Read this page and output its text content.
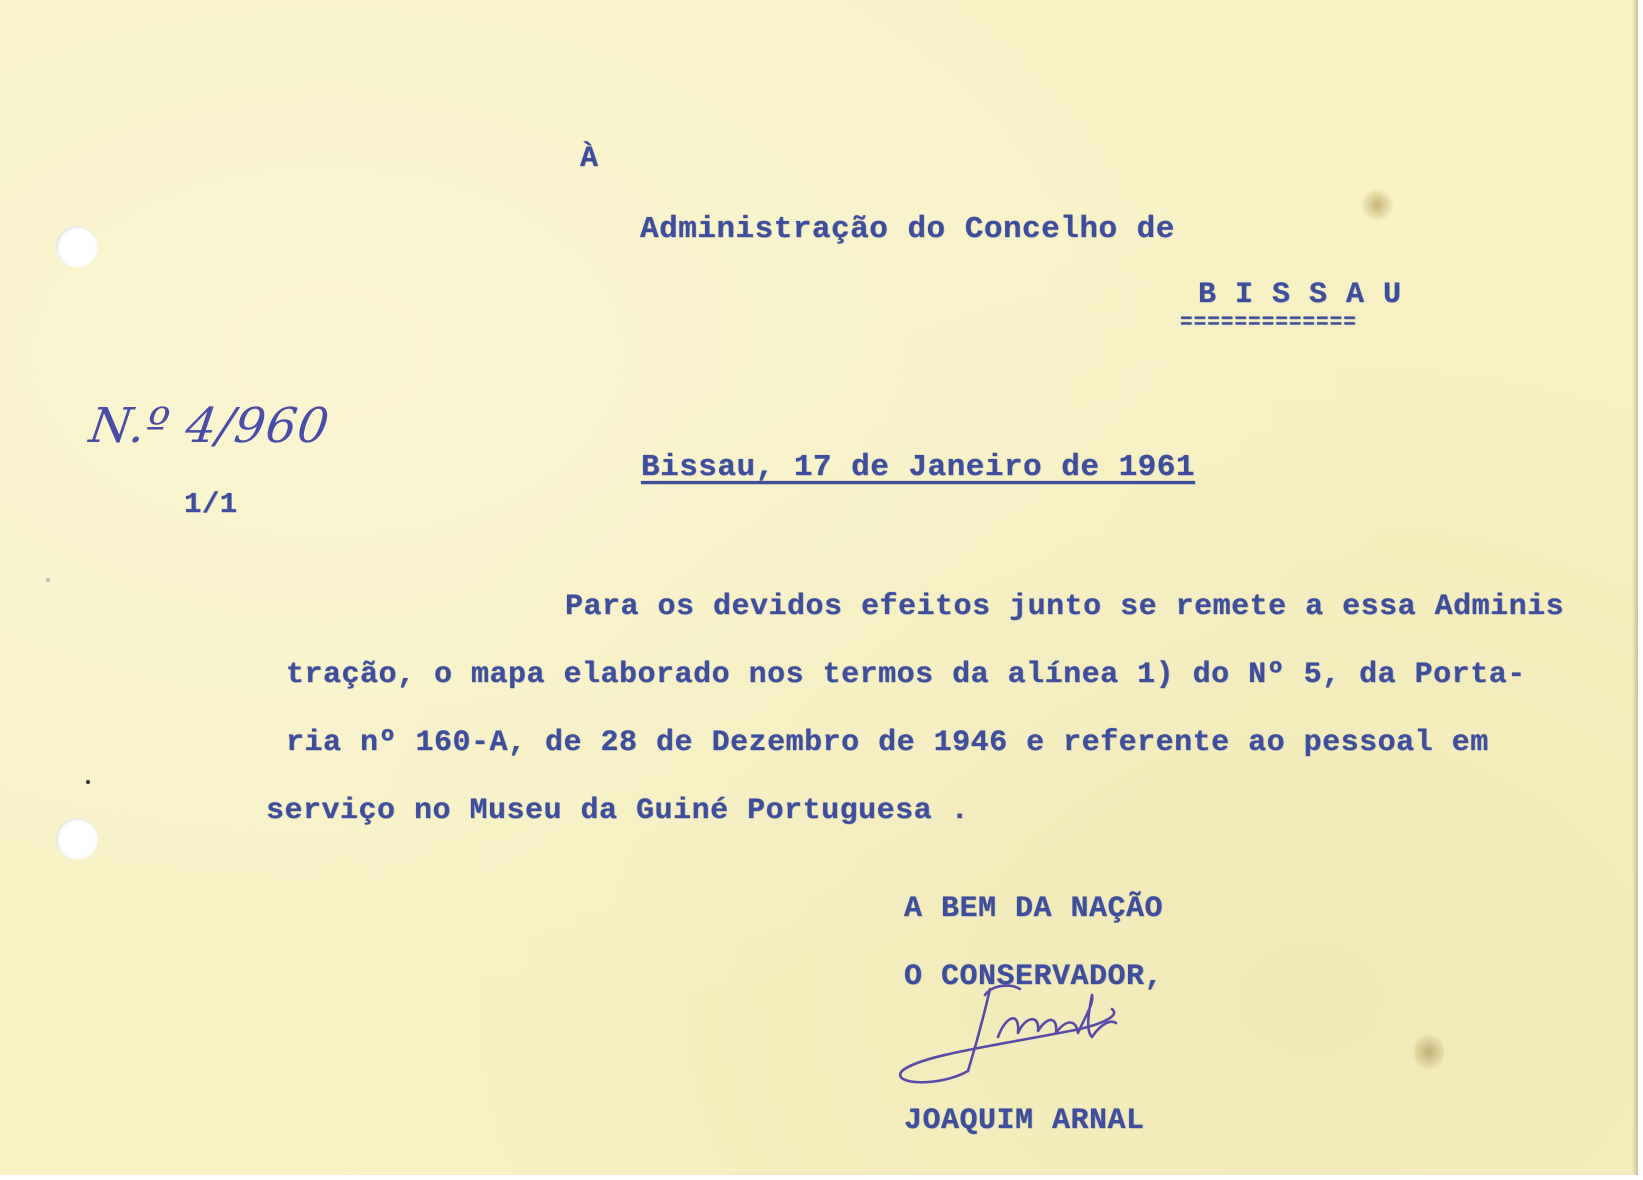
À

Administração do Concelho de

B I S S A U

=============

N.º 4/960

1/1

Bissau, 17 de Janeiro de 1961

Para os devidos efeitos junto se remete a essa Adminis

tração, o mapa elaborado nos termos da alínea 1) do Nº 5, da Porta-

ria nº 160-A, de 28 de Dezembro de 1946 e referente ao pessoal em

serviço no Museu da Guiné Portuguesa .

A BEM DA NAÇÃO

O CONSERVADOR,

JOAQUIM ARNAL
